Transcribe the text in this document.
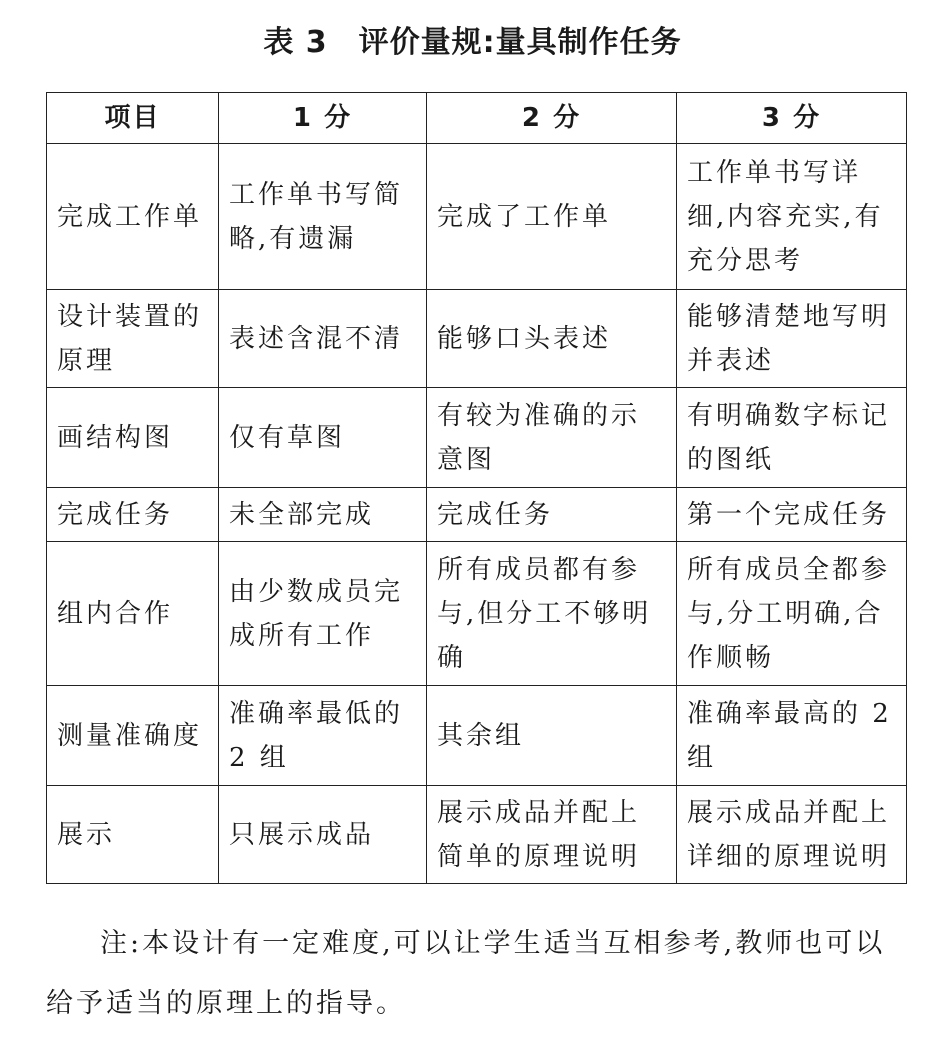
表 3　评价量规:量具制作任务
项目	1 分	2 分	3 分
完成工作单	工作单书写简略,有遗漏	完成了工作单	工作单书写详细,内容充实,有充分思考
设计装置的原理	表述含混不清	能够口头表述	能够清楚地写明并表述
画结构图	仅有草图	有较为准确的示意图	有明确数字标记的图纸
完成任务	未全部完成	完成任务	第一个完成任务
组内合作	由少数成员完成所有工作	所有成员都有参与,但分工不够明确	所有成员全都参与,分工明确,合作顺畅
测量准确度	准确率最低的 2 组	其余组	准确率最高的 2 组
展示	只展示成品	展示成品并配上简单的原理说明	展示成品并配上详细的原理说明
注:本设计有一定难度,可以让学生适当互相参考,教师也可以给予适当的原理上的指导。
